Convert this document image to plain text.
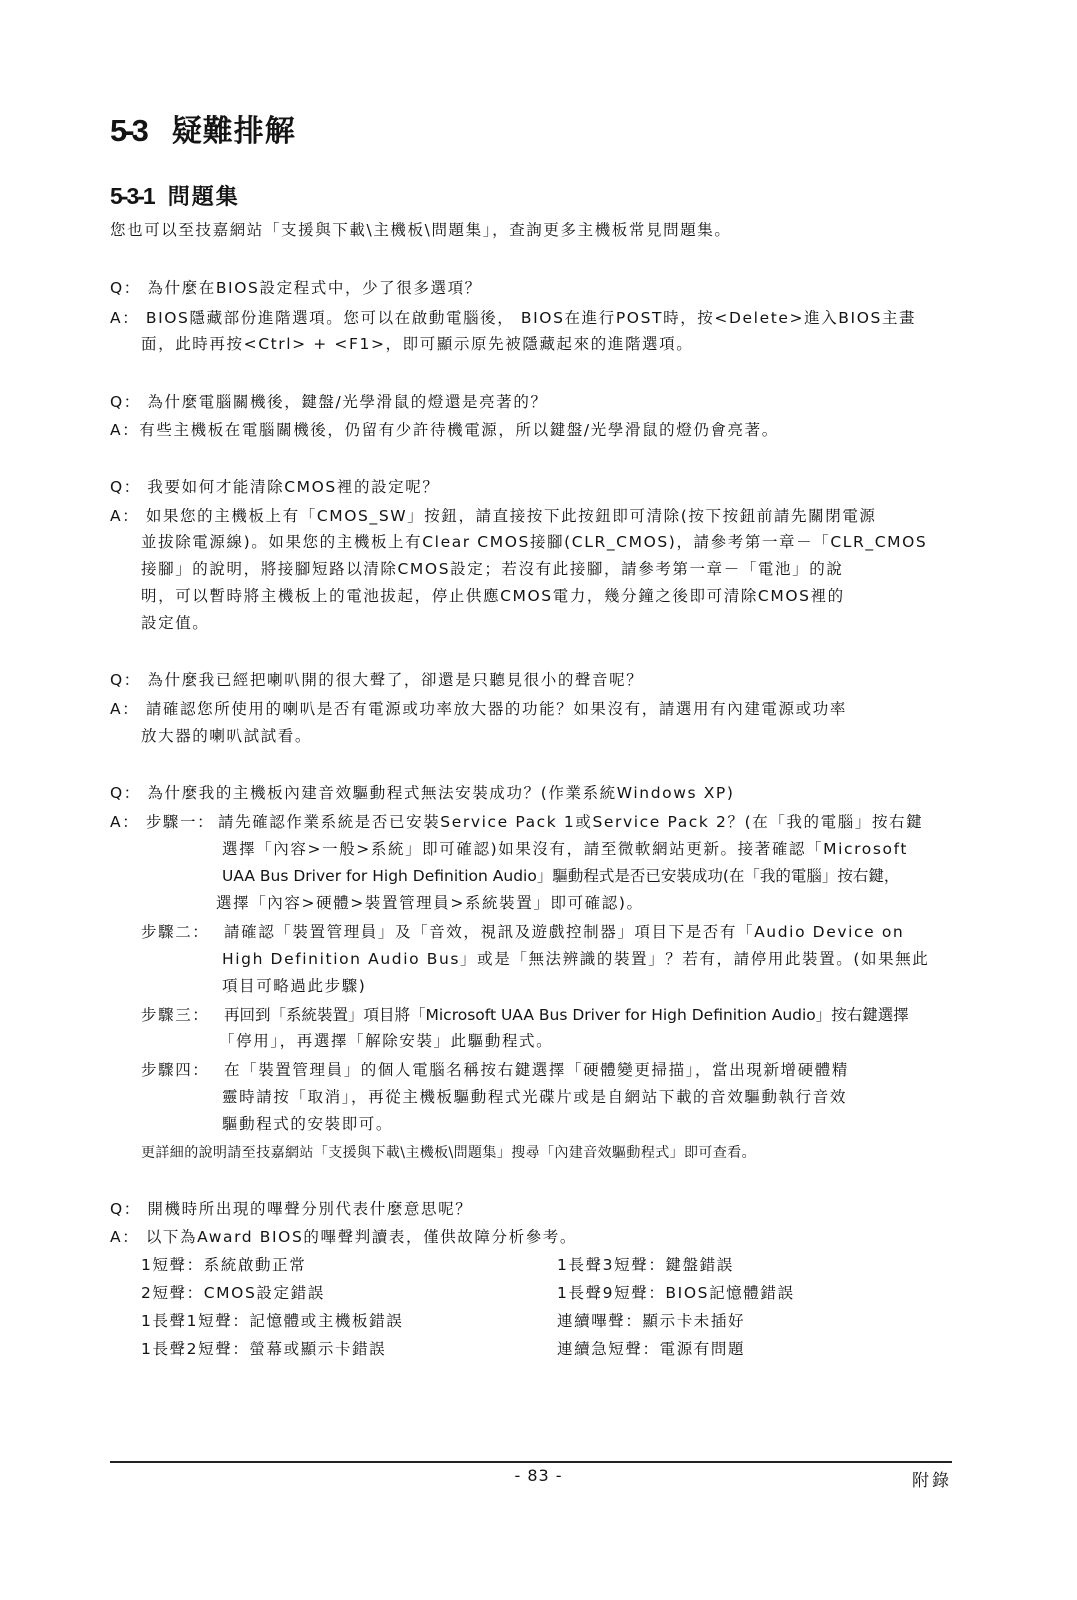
5-3 疑難排解
5-3-1 問題集
您也可以至技嘉網站「支援與下載\主機板\問題集」，查詢更多主機板常見問題集。
Q： 為什麼在BIOS設定程式中，少了很多選項？
A： BIOS隱藏部份進階選項。您可以在啟動電腦後， BIOS在進行POST時，按<Delete>進入BIOS主畫
面，此時再按<Ctrl> + <F1>，即可顯示原先被隱藏起來的進階選項。
Q： 為什麼電腦關機後，鍵盤/光學滑鼠的燈還是亮著的？
A：有些主機板在電腦關機後，仍留有少許待機電源，所以鍵盤/光學滑鼠的燈仍會亮著。
Q： 我要如何才能清除CMOS裡的設定呢？
A： 如果您的主機板上有「CMOS_SW」按鈕，請直接按下此按鈕即可清除(按下按鈕前請先關閉電源
並拔除電源線)。如果您的主機板上有Clear CMOS接腳(CLR_CMOS)，請參考第一章－「CLR_CMOS
接腳」的說明，將接腳短路以清除CMOS設定；若沒有此接腳，請參考第一章－「電池」的說
明，可以暫時將主機板上的電池拔起，停止供應CMOS電力，幾分鐘之後即可清除CMOS裡的
設定值。
Q： 為什麼我已經把喇叭開的很大聲了，卻還是只聽見很小的聲音呢？
A： 請確認您所使用的喇叭是否有電源或功率放大器的功能？如果沒有，請選用有內建電源或功率
放大器的喇叭試試看。
Q： 為什麼我的主機板內建音效驅動程式無法安裝成功？(作業系統Windows XP)
A： 步驟一： 請先確認作業系統是否已安裝Service Pack 1或Service Pack 2？(在「我的電腦」按右鍵
選擇「內容>一般>系統」即可確認)如果沒有，請至微軟網站更新。接著確認「Microsoft
UAA Bus Driver for High Definition Audio」驅動程式是否已安裝成功(在「我的電腦」按右鍵，
選擇「內容>硬體>裝置管理員>系統裝置」即可確認)。
步驟二： 請確認「裝置管理員」及「音效，視訊及遊戲控制器」項目下是否有「Audio Device on
High Definition Audio Bus」或是「無法辨識的裝置」？若有，請停用此裝置。(如果無此
項目可略過此步驟)
步驟三： 再回到「系統裝置」項目將「Microsoft UAA Bus Driver for High Definition Audio」按右鍵選擇
「停用」，再選擇「解除安裝」此驅動程式。
步驟四： 在「裝置管理員」的個人電腦名稱按右鍵選擇「硬體變更掃描」，當出現新增硬體精
靈時請按「取消」，再從主機板驅動程式光碟片或是自網站下載的音效驅動執行音效
驅動程式的安裝即可。
更詳細的說明請至技嘉網站「支援與下載\主機板\問題集」搜尋「內建音效驅動程式」即可查看。
Q： 開機時所出現的嗶聲分別代表什麼意思呢？
A： 以下為Award BIOS的嗶聲判讀表，僅供故障分析參考。
1短聲：系統啟動正常
2短聲：CMOS設定錯誤
1長聲1短聲：記憶體或主機板錯誤
1長聲2短聲：螢幕或顯示卡錯誤
1長聲3短聲：鍵盤錯誤
1長聲9短聲：BIOS記憶體錯誤
連續嗶聲：顯示卡未插好
連續急短聲：電源有問題
- 83 -	附錄
